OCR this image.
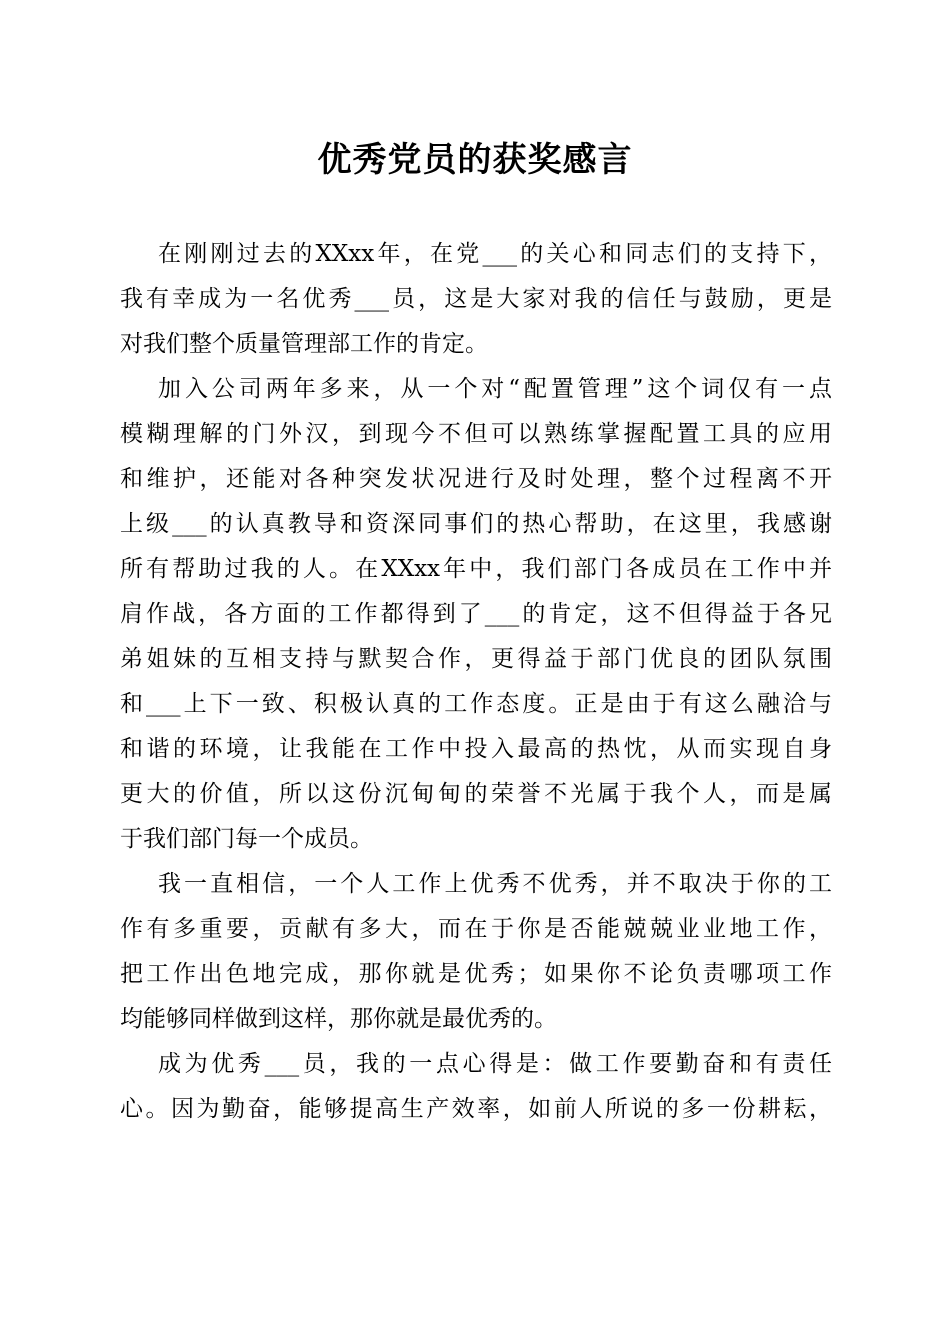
优秀党员的获奖感言
在刚刚过去的XXxx年，在党___的关心和同志们的支持下，
我有幸成为一名优秀___员，这是大家对我的信任与鼓励，更是
对我们整个质量管理部工作的肯定。
加入公司两年多来，从一个对“配置管理”这个词仅有一点
模糊理解的门外汉，到现今不但可以熟练掌握配置工具的应用
和维护，还能对各种突发状况进行及时处理，整个过程离不开
上级___的认真教导和资深同事们的热心帮助，在这里，我感谢
所有帮助过我的人。在XXxx年中，我们部门各成员在工作中并
肩作战，各方面的工作都得到了___的肯定，这不但得益于各兄
弟姐妹的互相支持与默契合作，更得益于部门优良的团队氛围
和___上下一致、积极认真的工作态度。正是由于有这么融洽与
和谐的环境，让我能在工作中投入最高的热忱，从而实现自身
更大的价值，所以这份沉甸甸的荣誉不光属于我个人，而是属
于我们部门每一个成员。
我一直相信，一个人工作上优秀不优秀，并不取决于你的工
作有多重要，贡献有多大，而在于你是否能兢兢业业地工作，
把工作出色地完成，那你就是优秀；如果你不论负责哪项工作
均能够同样做到这样，那你就是最优秀的。
成为优秀___员，我的一点心得是：做工作要勤奋和有责任
心。因为勤奋，能够提高生产效率，如前人所说的多一份耕耘，
